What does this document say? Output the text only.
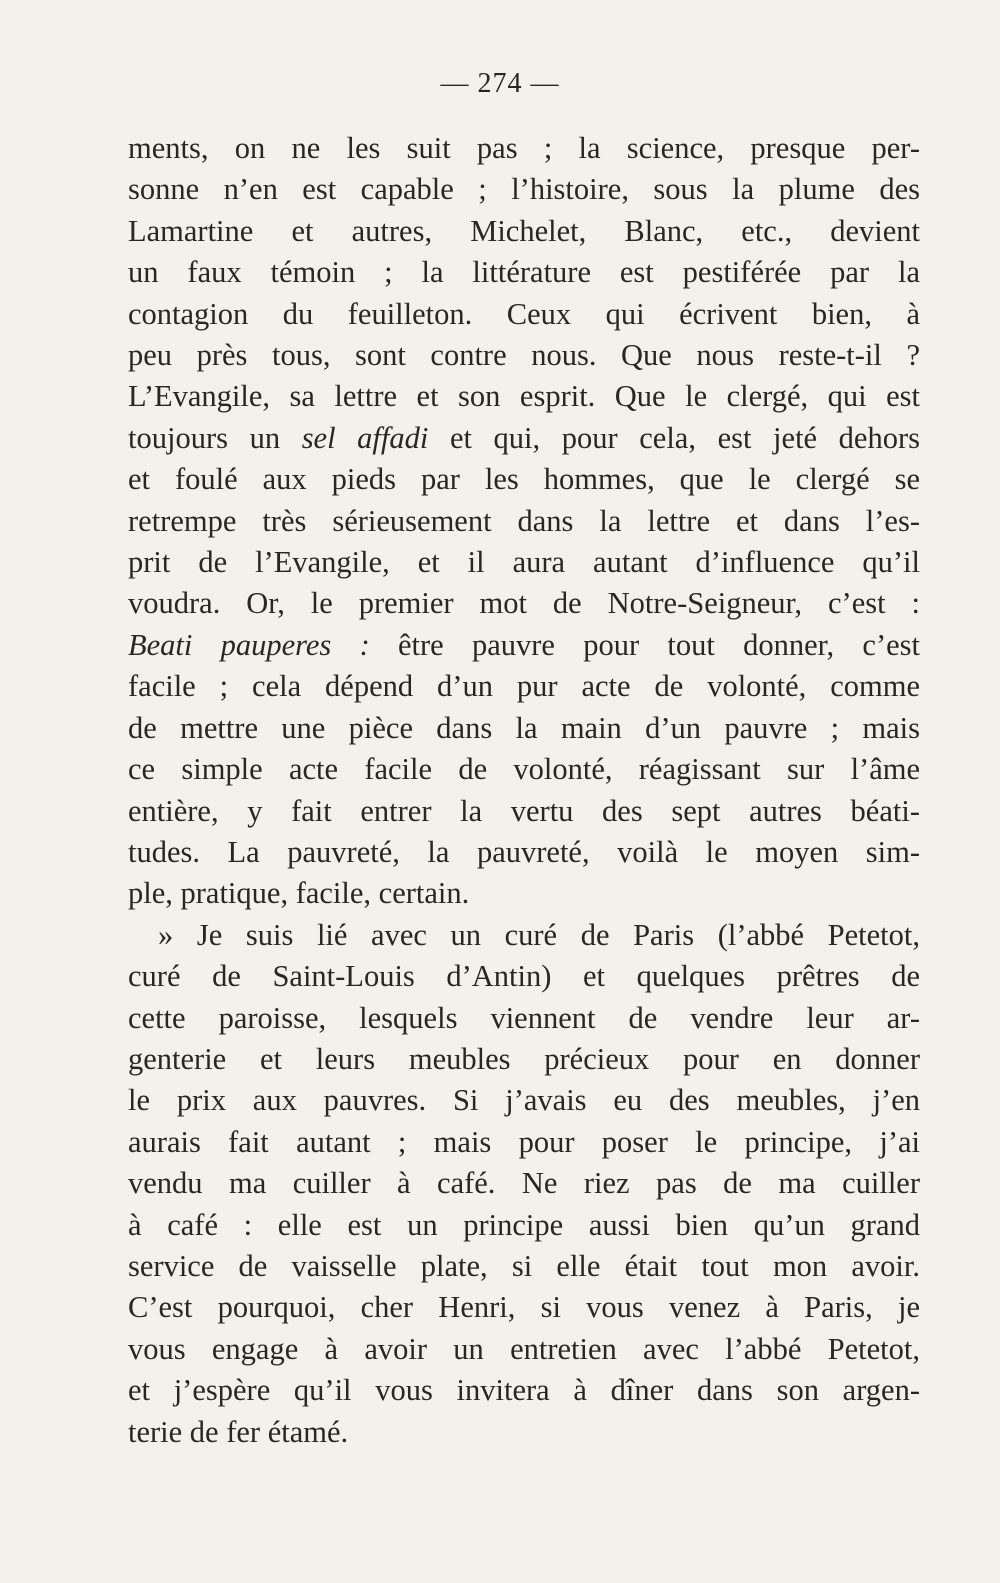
— 274 —
ments, on ne les suit pas ; la science, presque per-
sonne n’en est capable ; l’histoire, sous la plume des
Lamartine et autres, Michelet, Blanc, etc., devient
un faux témoin ; la littérature est pestiférée par la
contagion du feuilleton. Ceux qui écrivent bien, à
peu près tous, sont contre nous. Que nous reste-t-il ?
L’Evangile, sa lettre et son esprit. Que le clergé, qui est
toujours un sel affadi et qui, pour cela, est jeté dehors
et foulé aux pieds par les hommes, que le clergé se
retrempe très sérieusement dans la lettre et dans l’es-
prit de l’Evangile, et il aura autant d’influence qu’il
voudra. Or, le premier mot de Notre-Seigneur, c’est :
Beati pauperes : être pauvre pour tout donner, c’est
facile ; cela dépend d’un pur acte de volonté, comme
de mettre une pièce dans la main d’un pauvre ; mais
ce simple acte facile de volonté, réagissant sur l’âme
entière, y fait entrer la vertu des sept autres béati-
tudes. La pauvreté, la pauvreté, voilà le moyen sim-
ple, pratique, facile, certain.
» Je suis lié avec un curé de Paris (l’abbé Petetot,
curé de Saint-Louis d’Antin) et quelques prêtres de
cette paroisse, lesquels viennent de vendre leur ar-
genterie et leurs meubles précieux pour en donner
le prix aux pauvres. Si j’avais eu des meubles, j’en
aurais fait autant ; mais pour poser le principe, j’ai
vendu ma cuiller à café. Ne riez pas de ma cuiller
à café : elle est un principe aussi bien qu’un grand
service de vaisselle plate, si elle était tout mon avoir.
C’est pourquoi, cher Henri, si vous venez à Paris, je
vous engage à avoir un entretien avec l’abbé Petetot,
et j’espère qu’il vous invitera à dîner dans son argen-
terie de fer étamé.
